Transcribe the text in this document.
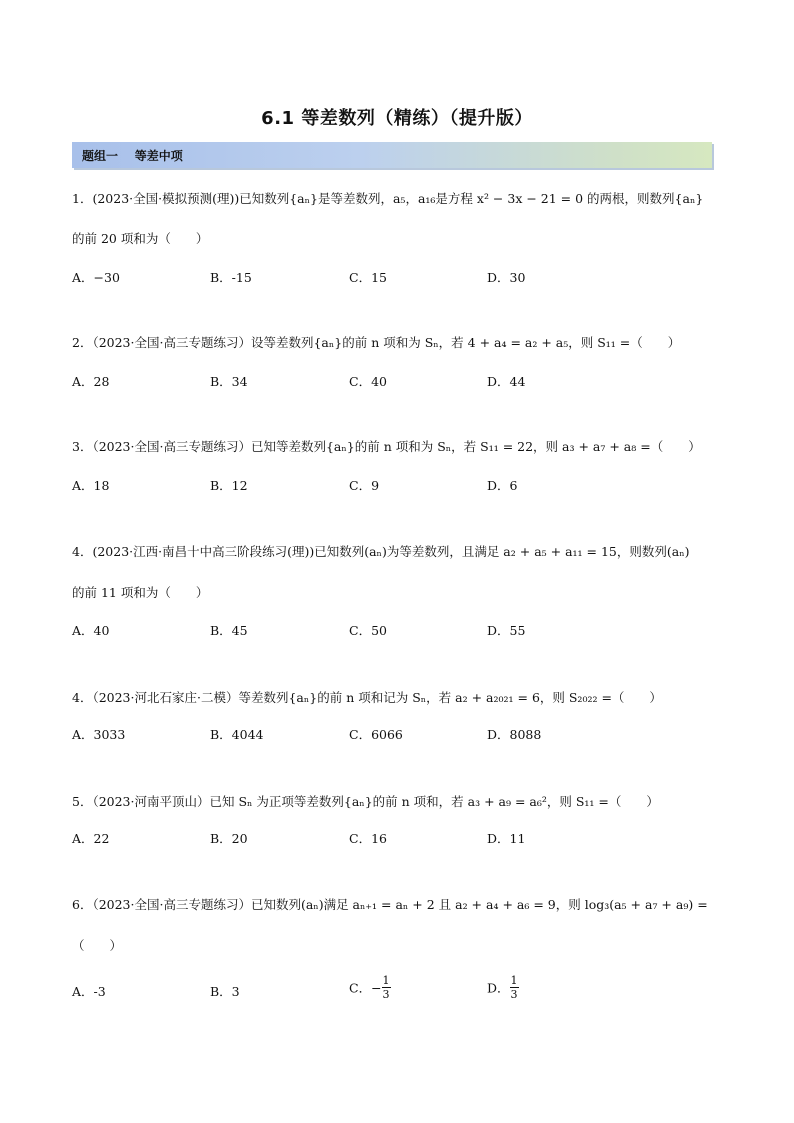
6.1 等差数列（精练）（提升版）
题组一    等差中项
1．(2023·全国·模拟预测(理))已知数列{aₙ}是等差数列，a₅，a₁₆是方程 x² − 3x − 21 = 0 的两根，则数列{aₙ}
的前 20 项和为（　　）
A．−30	B．-15	C．15	D．30
2．（2023·全国·高三专题练习）设等差数列{aₙ}的前 n 项和为 Sₙ，若 4 + a₄ = a₂ + a₅，则 S₁₁ =（　　）
A．28	B．34	C．40	D．44
3．（2023·全国·高三专题练习）已知等差数列{aₙ}的前 n 项和为 Sₙ，若 S₁₁ = 22，则 a₃ + a₇ + a₈ =（　　）
A．18	B．12	C．9	D．6
4．(2023·江西·南昌十中高三阶段练习(理))已知数列(aₙ)为等差数列，且满足 a₂ + a₅ + a₁₁ = 15，则数列(aₙ)
的前 11 项和为（　　）
A．40	B．45	C．50	D．55
4．（2023·河北石家庄·二模）等差数列{aₙ}的前 n 项和记为 Sₙ，若 a₂ + a₂₀₂₁ = 6，则 S₂₀₂₂ =（　　）
A．3033	B．4044	C．6066	D．8088
5．（2023·河南平顶山）已知 Sₙ 为正项等差数列{aₙ}的前 n 项和，若 a₃ + a₉ = a₆²，则 S₁₁ =（　　）
A．22	B．20	C．16	D．11
6．（2023·全国·高三专题练习）已知数列(aₙ)满足 aₙ₊₁ = aₙ + 2 且 a₂ + a₄ + a₆ = 9，则 log₃(a₅ + a₇ + a₉) =
（　　）
A．-3	B．3	C．− $\frac{1}{3}$	D． $\frac{1}{3}$
